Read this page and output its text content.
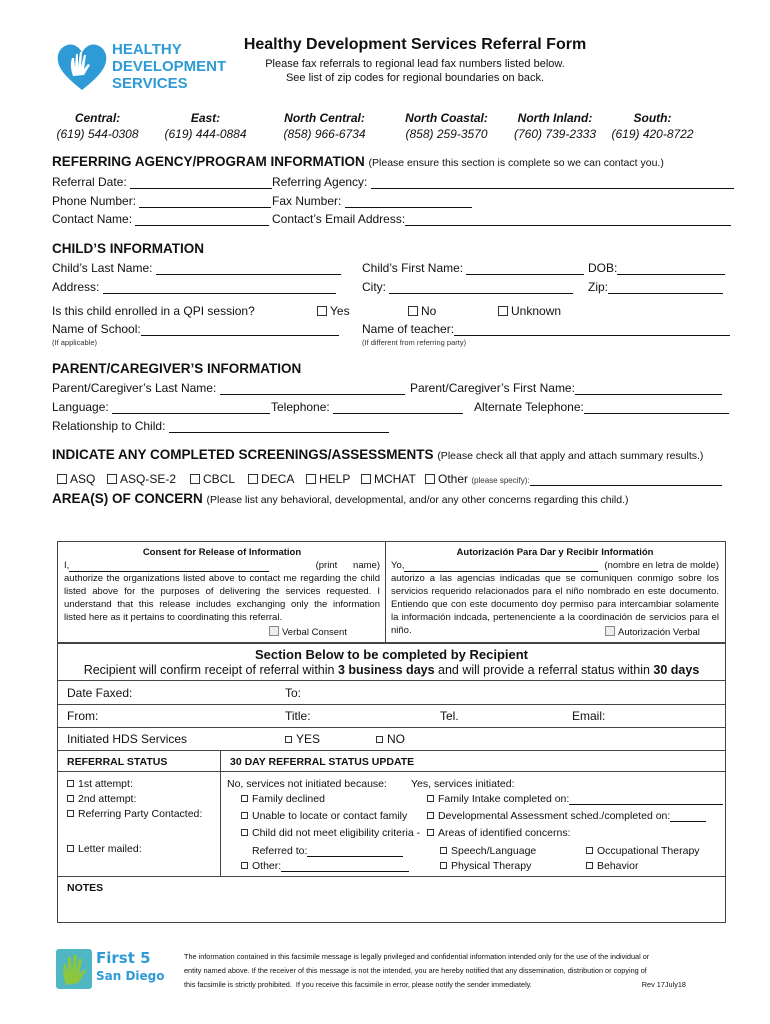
HEALTHY
DEVELOPMENT
SERVICES
Healthy Development Services Referral Form
Please fax referrals to regional lead fax numbers listed below.
See list of zip codes for regional boundaries on back.
Central:
(619) 544-0308
East:
(619) 444-0884
North Central:
(858) 966-6734
North Coastal:
(858) 259-3570
North Inland:
(760) 739-2333
South:
(619) 420-8722
REFERRING AGENCY/PROGRAM INFORMATION (Please ensure this section is complete so we can contact you.)
Referral Date:	Referring Agency:
Phone Number:	Fax Number:
Contact Name:	Contact’s Email Address:
CHILD’S INFORMATION
Child’s Last Name:	Child’s First Name:	DOB:
Address:	City:	Zip:
Is this child enrolled in a QPI session?	Yes	No	Unknown
Name of School:	Name of teacher:
(If applicable)	(If different from referring party)
PARENT/CAREGIVER’S INFORMATION
Parent/Caregiver’s Last Name:	Parent/Caregiver’s First Name:
Language:	Telephone:	Alternate Telephone:
Relationship to Child:
INDICATE ANY COMPLETED SCREENINGS/ASSESSMENTS (Please check all that apply and attach summary results.)
ASQ	ASQ-SE-2	CBCL	DECA	HELP	MCHAT	Other (please specify):
AREA(S) OF CONCERN (Please list any behavioral, developmental, and/or any other concerns regarding this child.)
Consent for Release of Information
I,	(print      name)
authorize the organizations listed above to contact me regarding the child listed above for the purposes of delivering the services requested. I understand that this release includes exchanging only the information listed here as it pertains to coordinating this referral.
Verbal Consent
Autorización Para Dar y Recibir Informatión
Yo,	(nombre en letra de molde)
autorizo a las agencias indicadas que se comuniquen conmigo sobre los servicios requerido relacionados para el niño nombrado en este documento. Entiendo que con este documento doy permiso para intercambiar solamente la información indcada, pertenenciente a la coordinación de servicios para el niño.	Autorización Verbal
Section Below to be completed by Recipient
Recipient will confirm receipt of referral within 3 business days and will provide a referral status within 30 days
Date Faxed:	To:
From:	Title:	Tel.	Email:
Initiated HDS Services	YES	NO
REFERRAL STATUS	30 DAY REFERRAL STATUS UPDATE
1st attempt:
2nd attempt:
Referring Party Contacted:
Letter mailed:
No, services not initiated because:
Family declined
Unable to locate or contact family
Child did not meet eligibility criteria -
Referred to:
Other:
Yes, services initiated:
Family Intake completed on:
Developmental Assessment sched./completed on:
Areas of identified concerns:
Speech/Language	Occupational Therapy
Physical Therapy	Behavior
NOTES
First 5
San Diego
The information contained in this facsimile message is legally privileged and confidential information intended only for the use of the individual or
entity named above. If the receiver of this message is not the intended, you are hereby notified that any dissemination, distribution or copying of
this facsimile is strictly prohibited.  If you receive this facsimile in error, please notify the sender immediately.	Rev 17July18
